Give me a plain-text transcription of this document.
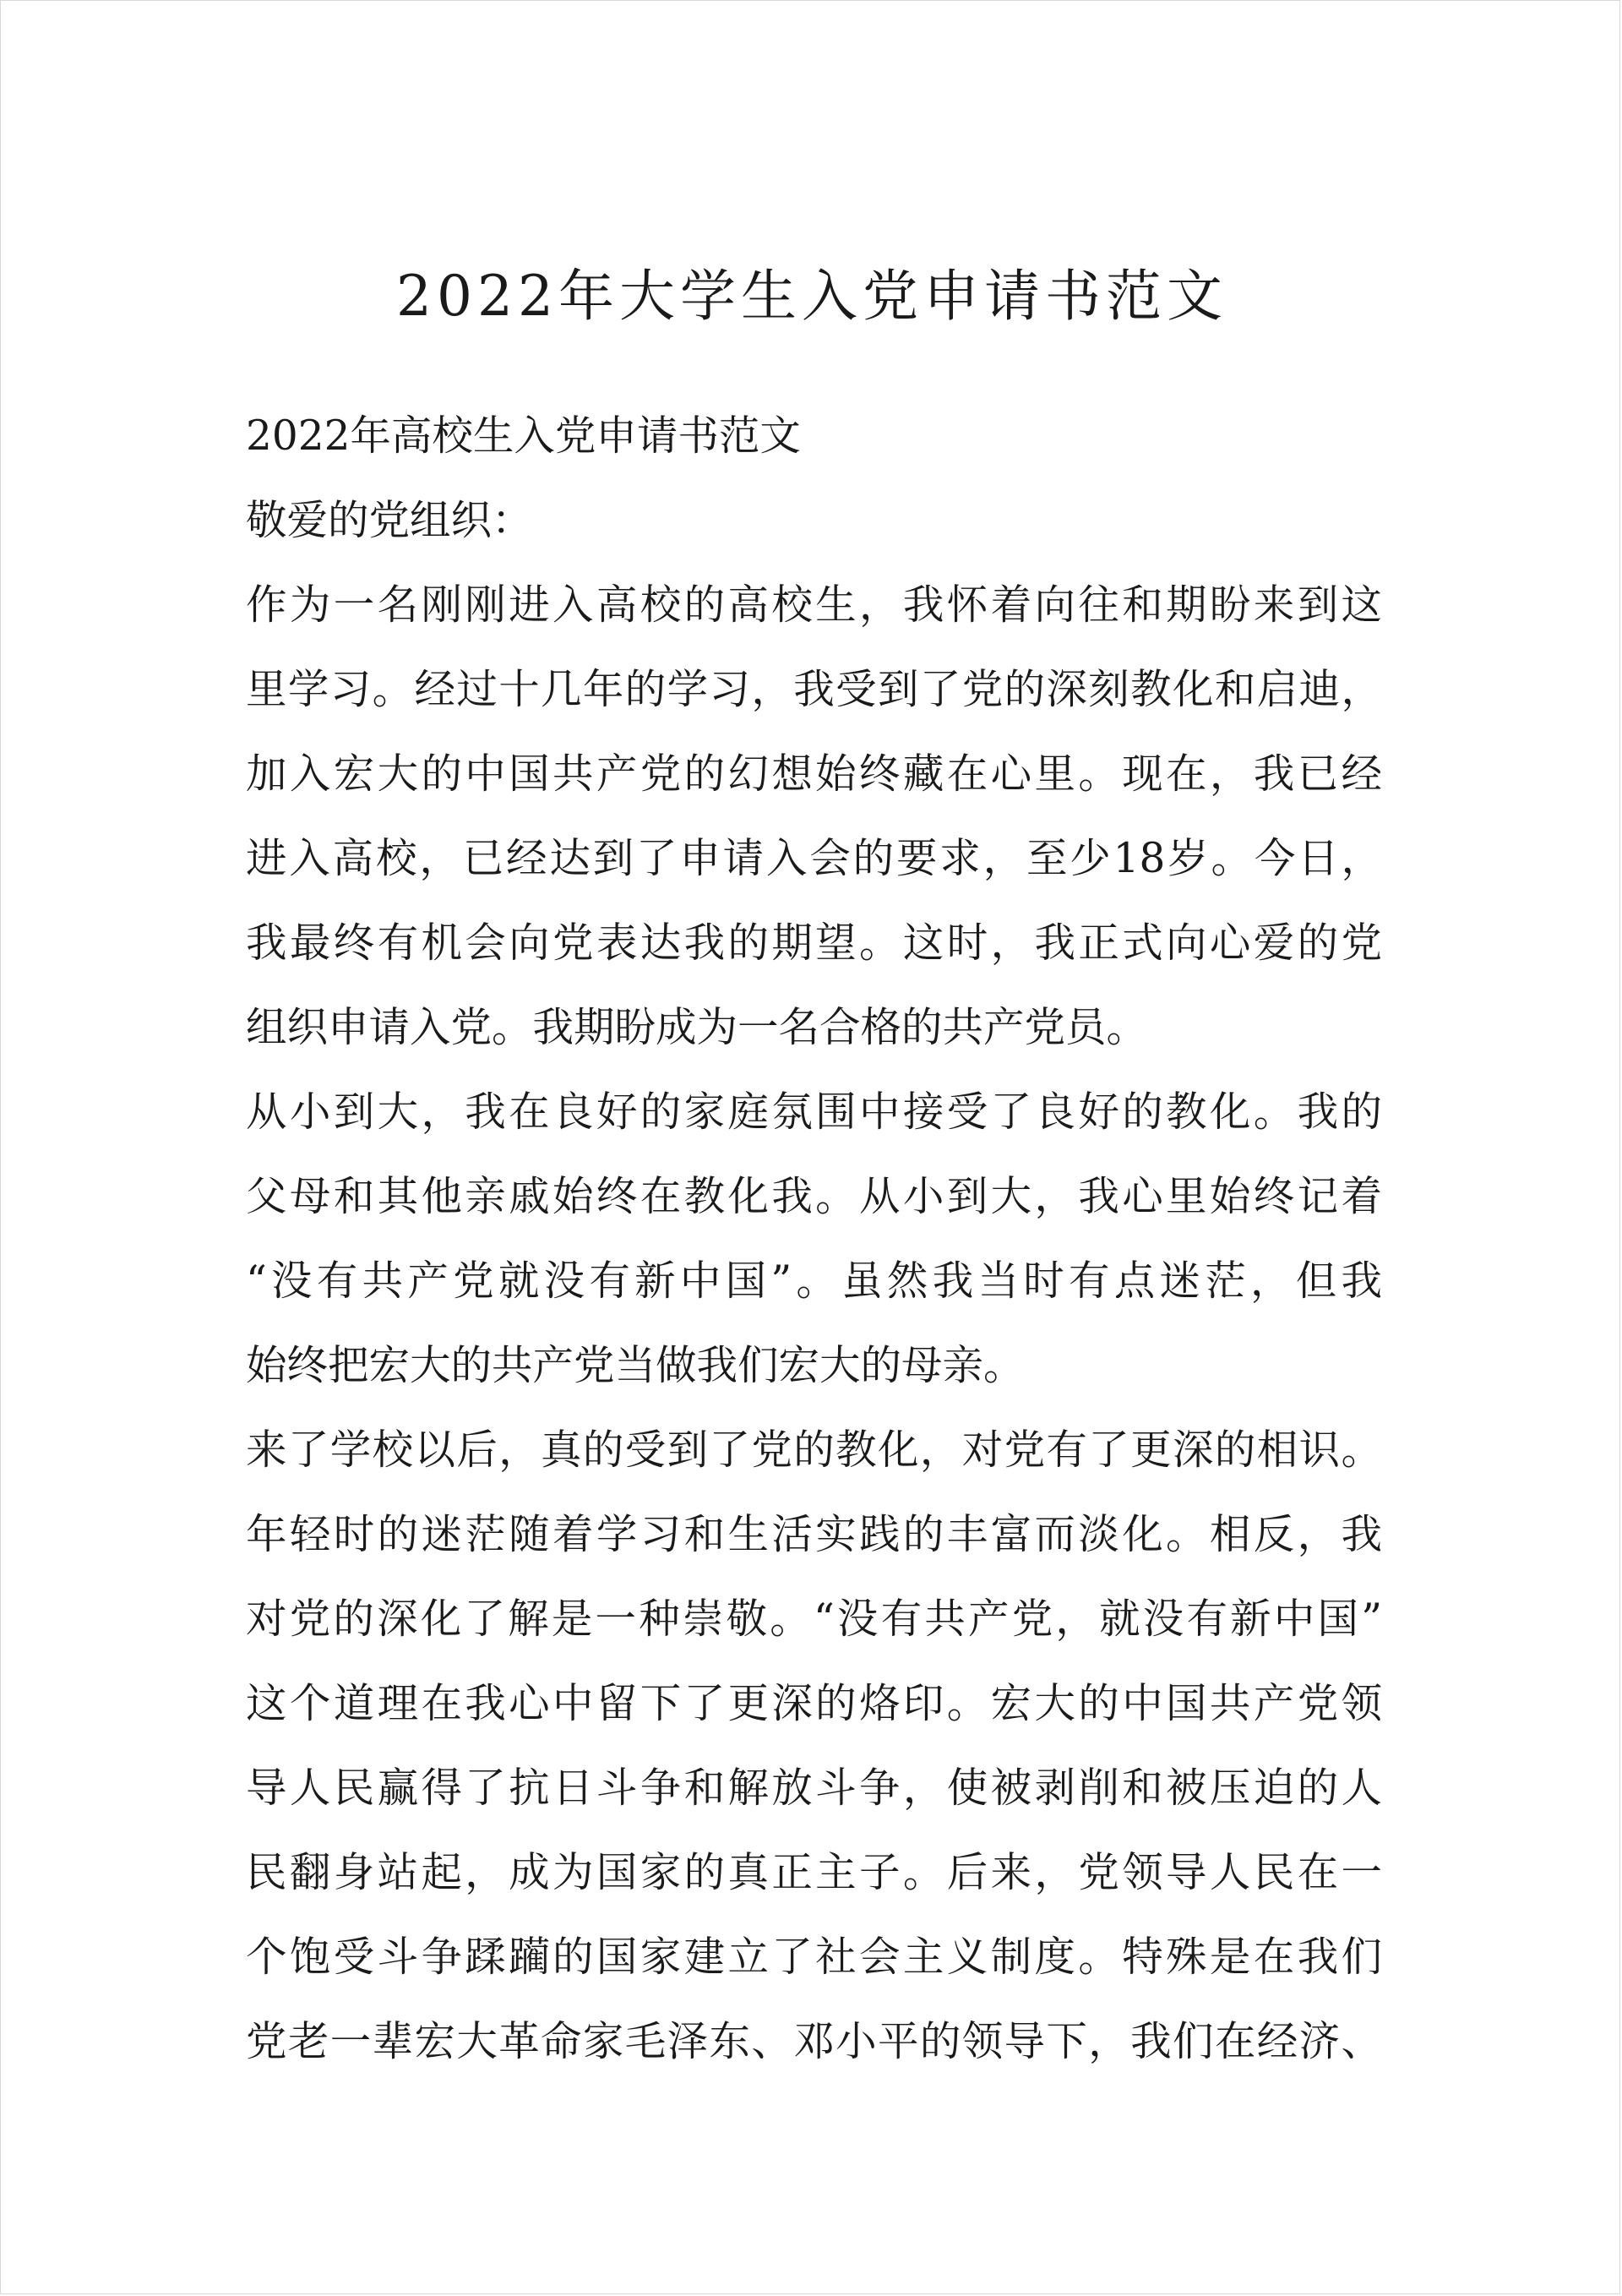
2022年大学生入党申请书范文

2022年高校生入党申请书范文

敬爱的党组织：

作为一名刚刚进入高校的高校生，我怀着向往和期盼来到这

里学习。经过十几年的学习，我受到了党的深刻教化和启迪，

加入宏大的中国共产党的幻想始终藏在心里。现在，我已经

进入高校，已经达到了申请入会的要求，至少18岁。今日，

我最终有机会向党表达我的期望。这时，我正式向心爱的党

组织申请入党。我期盼成为一名合格的共产党员。

从小到大，我在良好的家庭氛围中接受了良好的教化。我的

父母和其他亲戚始终在教化我。从小到大，我心里始终记着

“没有共产党就没有新中国”。虽然我当时有点迷茫，但我

始终把宏大的共产党当做我们宏大的母亲。

来了学校以后，真的受到了党的教化，对党有了更深的相识。

年轻时的迷茫随着学习和生活实践的丰富而淡化。相反，我

对党的深化了解是一种崇敬。“没有共产党，就没有新中国”

这个道理在我心中留下了更深的烙印。宏大的中国共产党领

导人民赢得了抗日斗争和解放斗争，使被剥削和被压迫的人

民翻身站起，成为国家的真正主子。后来，党领导人民在一

个饱受斗争蹂躏的国家建立了社会主义制度。特殊是在我们

党老一辈宏大革命家毛泽东、邓小平的领导下，我们在经济、
